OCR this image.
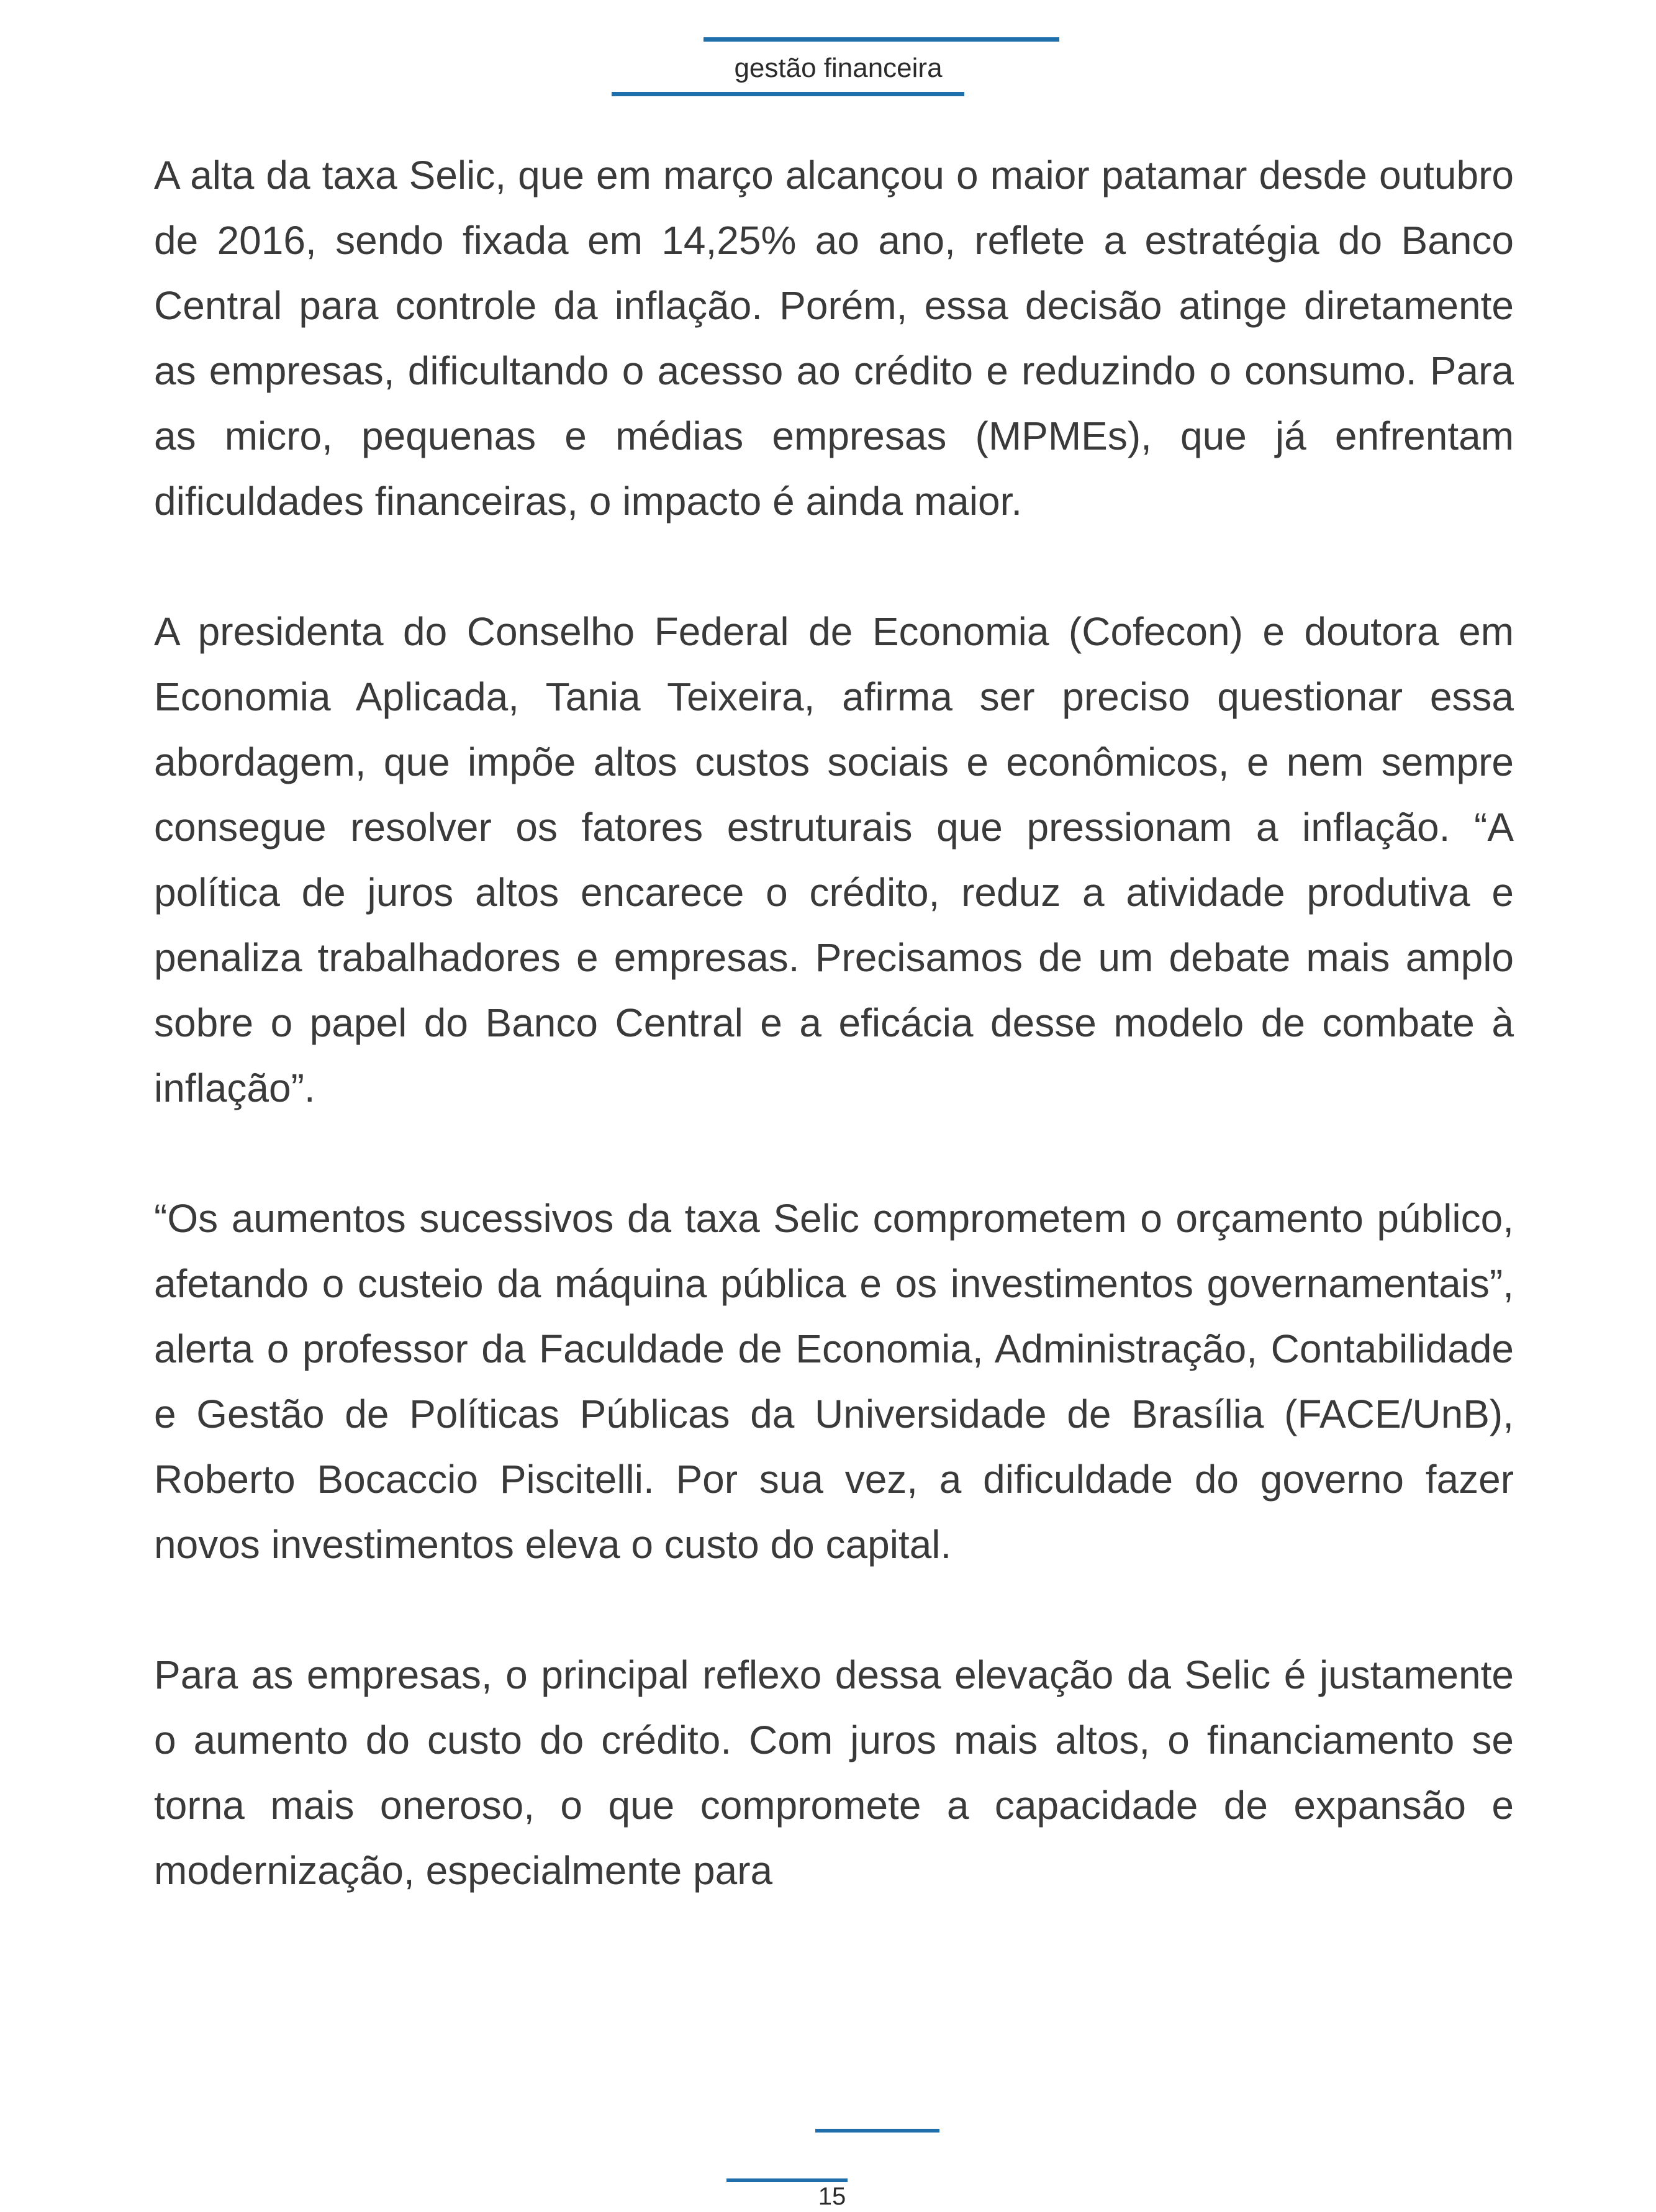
gestão financeira

A alta da taxa Selic, que em março alcançou o maior patamar desde outubro de 2016, sendo fixada em 14,25% ao ano, reflete a estratégia do Banco Central para controle da inflação. Porém, essa decisão atinge diretamente as empresas, dificultando o acesso ao crédito e reduzindo o consumo. Para as micro, pequenas e médias empresas (MPMEs), que já enfrentam dificuldades financeiras, o impacto é ainda maior.

A presidenta do Conselho Federal de Economia (Cofecon) e doutora em Economia Aplicada, Tania Teixeira, afirma ser preciso questionar essa abordagem, que impõe altos custos sociais e econômicos, e nem sempre consegue resolver os fatores estruturais que pressionam a inflação. “A política de juros altos encarece o crédito, reduz a atividade produtiva e penaliza trabalhadores e empresas. Precisamos de um debate mais amplo sobre o papel do Banco Central e a eficácia desse modelo de combate à inflação”.

“Os aumentos sucessivos da taxa Selic comprometem o orçamento público, afetando o custeio da máquina pública e os investimentos governamentais”, alerta o professor da Faculdade de Economia, Administração, Contabilidade e Gestão de Políticas Públicas da Universidade de Brasília (FACE/UnB), Roberto Bocaccio Piscitelli. Por sua vez, a dificuldade do governo fazer novos investimentos eleva o custo do capital.

Para as empresas, o principal reflexo dessa elevação da Selic é justamente o aumento do custo do crédito. Com juros mais altos, o financiamento se torna mais oneroso, o que compromete a capacidade de expansão e modernização, especialmente para

15
